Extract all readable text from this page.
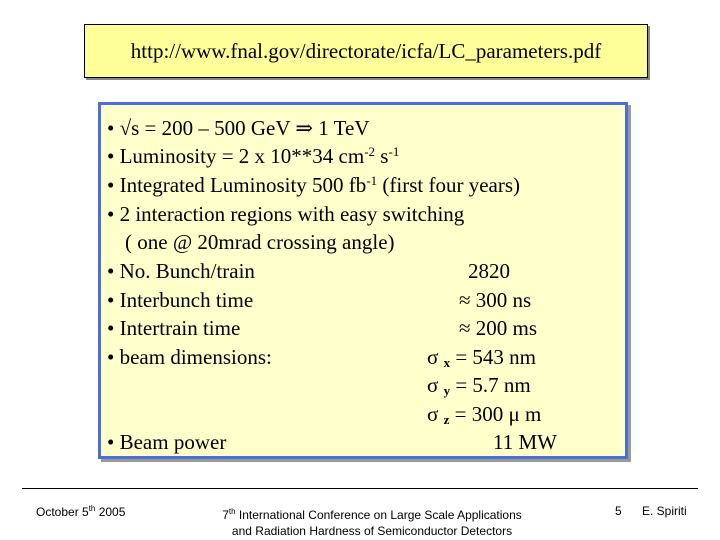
http://www.fnal.gov/directorate/icfa/LC_parameters.pdf
• √s = 200 – 500 GeV ⇒ 1 TeV
• Luminosity = 2 x 10**34 $cm^{-2}$ $s^{-1}$
• Integrated Luminosity 500 $fb^{-1}$ (first four years)
• 2 interaction regions with easy switching
( one @ 20mrad crossing angle)
• No. Bunch/train	2820
• Interbunch time	≈ 300 ns
• Intertrain time	≈ 200 ms
• beam dimensions:	σ x = 543 nm
σ y = 5.7 nm
σ z = 300 μ m
• Beam power	11 MW
October 5th 2005	7th International Conference on Large Scale Applications
and Radiation Hardness of Semiconductor Detectors
5 E. Spiriti
